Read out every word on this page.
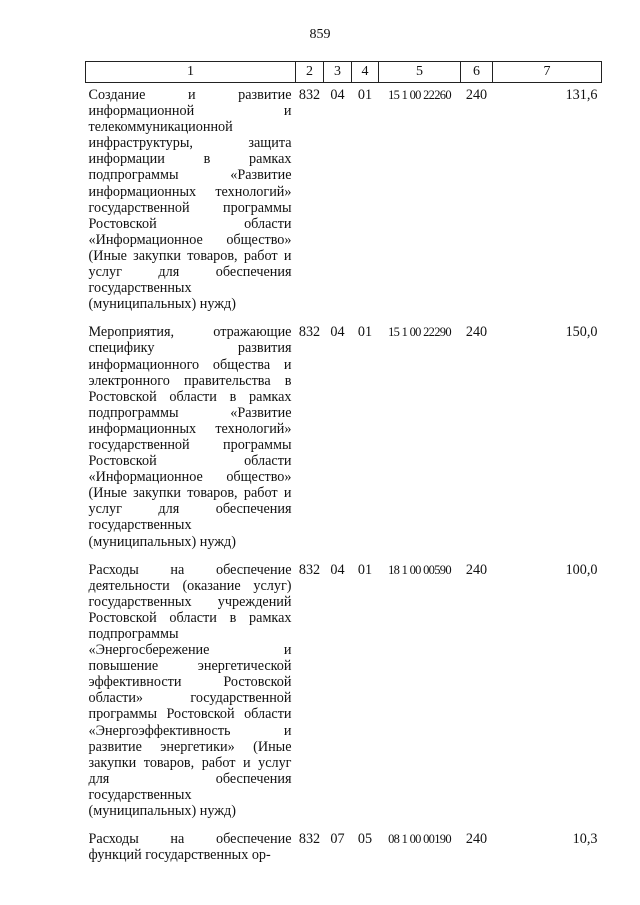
859
1	2	3	4	5	6	7
Создание и развитие информационной и телекоммуникационной инфраструктуры, защита информации в рамках подпрограммы «Развитие информационных технологий» государственной программы Ростовской области «Информационное общество» (Иные закупки товаров, работ и услуг для обеспечения государственных (муниципальных) нужд)	832	04	01	15 1 00 22260	240	131,6
Мероприятия, отражающие специфику развития информационного общества и электронного правительства в Ростовской области в рамках подпрограммы «Развитие информационных технологий» государственной программы Ростовской области «Информационное общество» (Иные закупки товаров, работ и услуг для обеспечения государственных (муниципальных) нужд)	832	04	01	15 1 00 22290	240	150,0
Расходы на обеспечение деятельности (оказание услуг) государственных учреждений Ростовской области в рамках подпрограммы «Энергосбережение и повышение энергетической эффективности Ростовской области» государственной программы Ростовской области «Энергоэффективность и развитие энергетики» (Иные закупки товаров, работ и услуг для обеспечения государственных (муниципальных) нужд)	832	04	01	18 1 00 00590	240	100,0

Расходы на обеспечение функций государственных ор-	832	07	05	08 1 00 00190	240	10,3
